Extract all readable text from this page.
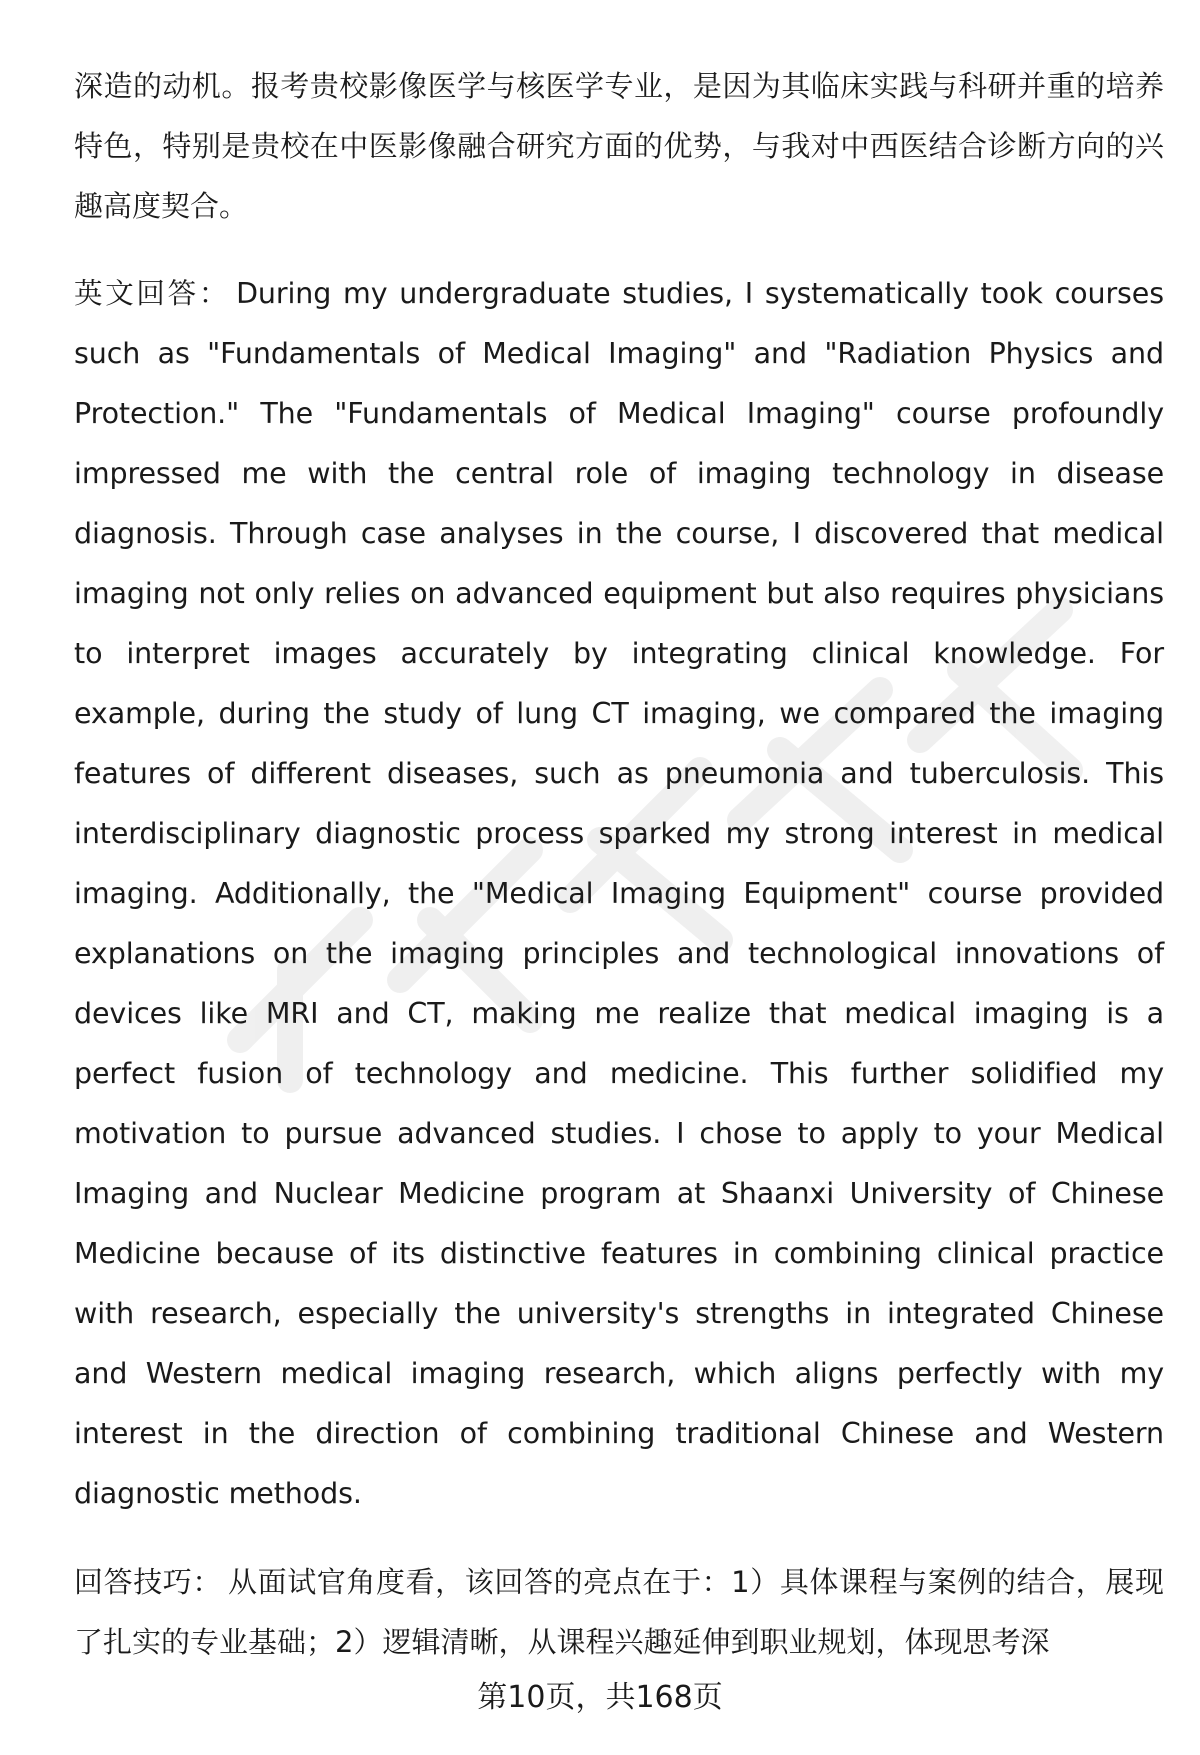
深造的动机。报考贵校影像医学与核医学专业，是因为其临床实践与科研并重的培养特色，特别是贵校在中医影像融合研究方面的优势，与我对中西医结合诊断方向的兴趣高度契合。

英文回答： During my undergraduate studies, I systematically took courses such as "Fundamentals of Medical Imaging" and "Radiation Physics and Protection." The "Fundamentals of Medical Imaging" course profoundly impressed me with the central role of imaging technology in disease diagnosis. Through case analyses in the course, I discovered that medical imaging not only relies on advanced equipment but also requires physicians to interpret images accurately by integrating clinical knowledge. For example, during the study of lung CT imaging, we compared the imaging features of different diseases, such as pneumonia and tuberculosis. This interdisciplinary diagnostic process sparked my strong interest in medical imaging. Additionally, the "Medical Imaging Equipment" course provided explanations on the imaging principles and technological innovations of devices like MRI and CT, making me realize that medical imaging is a perfect fusion of technology and medicine. This further solidified my motivation to pursue advanced studies. I chose to apply to your Medical Imaging and Nuclear Medicine program at Shaanxi University of Chinese Medicine because of its distinctive features in combining clinical practice with research, especially the university's strengths in integrated Chinese and Western medical imaging research, which aligns perfectly with my interest in the direction of combining traditional Chinese and Western diagnostic methods.

回答技巧： 从面试官角度看，该回答的亮点在于：1）具体课程与案例的结合，展现了扎实的专业基础；2）逻辑清晰，从课程兴趣延伸到职业规划，体现思考深

第10页，共168页
